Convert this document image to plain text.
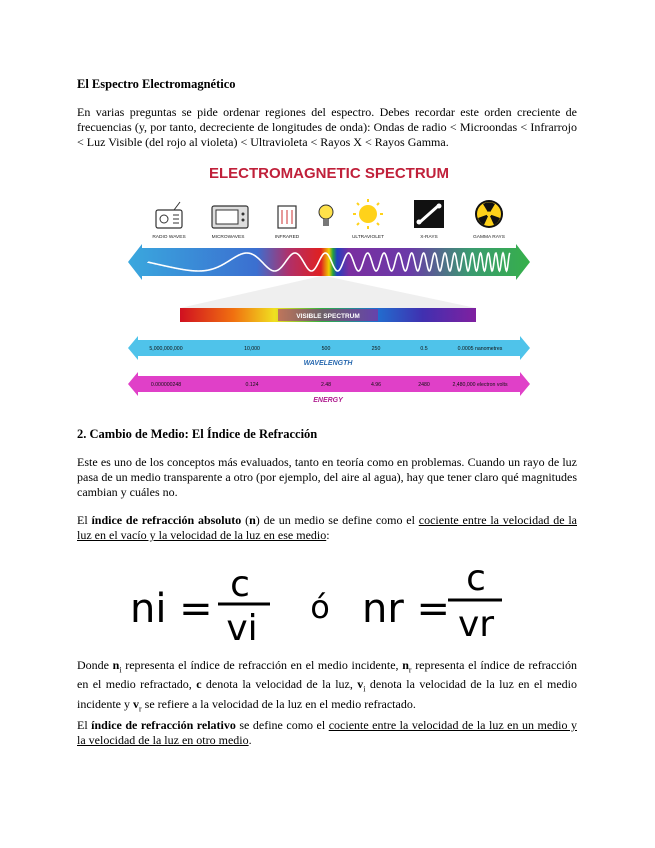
El Espectro Electromagnético
En varias preguntas se pide ordenar regiones del espectro. Debes recordar este orden creciente de frecuencias (y, por tanto, decreciente de longitudes de onda): Ondas de radio < Microondas < Infrarrojo < Luz Visible (del rojo al violeta) < Ultravioleta < Rayos X < Rayos Gamma.
2. Cambio de Medio: El Índice de Refracción
Este es uno de los conceptos más evaluados, tanto en teoría como en problemas. Cuando un rayo de luz pasa de un medio transparente a otro (por ejemplo, del aire al agua), hay que tener claro qué magnitudes cambian y cuáles no.
El índice de refracción absoluto (n) de un medio se define como el cociente entre la velocidad de la luz en el vacío y la velocidad de la luz en ese medio:
Donde $n_i$ representa el índice de refracción en el medio incidente, $n_r$ representa el índice de refracción en el medio refractado, c denota la velocidad de la luz, $v_i$ denota la velocidad de la luz en el medio incidente y $v_r$ se refiere a la velocidad de la luz en el medio refractado.
El índice de refracción relativo se define como el cociente entre la velocidad de la luz en un medio y la velocidad de la luz en otro medio.
ELECTROMAGNETIC SPECTRUM
RADIO WAVES	MICROWAVES	INFRARED	VISIBLE	ULTRAVIOLET	X-RAYS	GAMMA RAYS
VISIBLE SPECTRUM
5,000,000,000	10,000	500	250	0.5	0.0005 nanometres
WAVELENGTH
0.000000248	0.124	2.48	4.96	2480	2,480,000 electron volts
ENERGY
ni =
c
vi
ó nr =
c
vr
